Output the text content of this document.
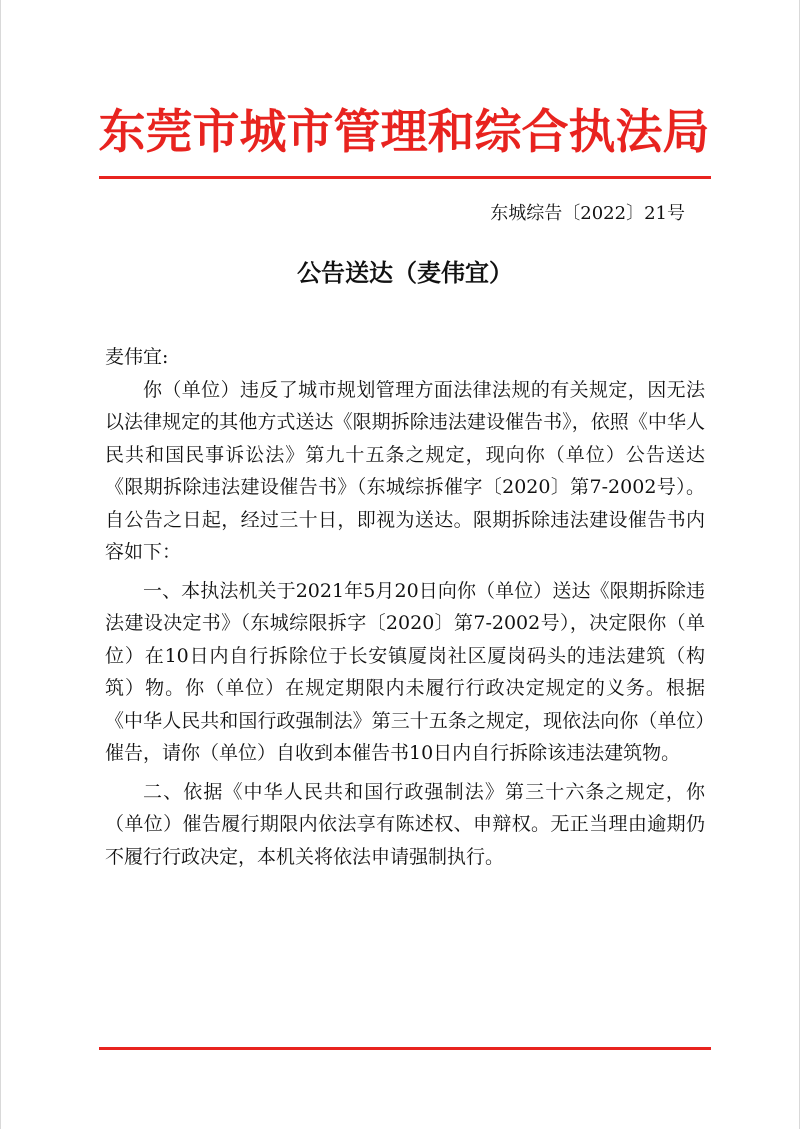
东莞市城市管理和综合执法局
东城综告〔2022〕21号
公告送达（麦伟宜）

麦伟宜:

你（单位）违反了城市规划管理方面法律法规的有关规定，因无法以法律规定的其他方式送达《限期拆除违法建设催告书》，依照《中华人民共和国民事诉讼法》第九十五条之规定，现向你（单位）公告送达《限期拆除违法建设催告书》（东城综拆催字〔2020〕第7-2002号）。自公告之日起，经过三十日，即视为送达。限期拆除违法建设催告书内容如下：

一、本执法机关于2021年5月20日向你（单位）送达《限期拆除违法建设决定书》（东城综限拆字〔2020〕第7-2002号），决定限你（单位）在10日内自行拆除位于长安镇厦岗社区厦岗码头的违法建筑（构筑）物。你（单位）在规定期限内未履行行政决定规定的义务。根据《中华人民共和国行政强制法》第三十五条之规定，现依法向你（单位）催告，请你（单位）自收到本催告书10日内自行拆除该违法建筑物。

二、依据《中华人民共和国行政强制法》第三十六条之规定，你（单位）催告履行期限内依法享有陈述权、申辩权。无正当理由逾期仍不履行行政决定，本机关将依法申请强制执行。
